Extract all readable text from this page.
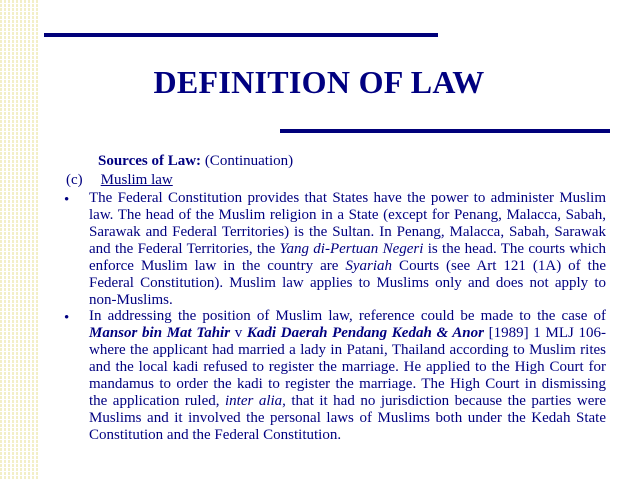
DEFINITION OF LAW
Sources of Law: (Continuation)
(c) Muslim law
• The Federal Constitution provides that States have the power to administer Muslim law. The head of the Muslim religion in a State (except for Penang, Malacca, Sabah, Sarawak and Federal Territories) is the Sultan. In Penang, Malacca, Sabah, Sarawak and the Federal Territories, the Yang di-Pertuan Negeri is the head. The courts which enforce Muslim law in the country are Syariah Courts (see Art 121 (1A) of the Federal Constitution). Muslim law applies to Muslims only and does not apply to non-Muslims.
• In addressing the position of Muslim law, reference could be made to the case of Mansor bin Mat Tahir v Kadi Daerah Pendang Kedah & Anor [1989] 1 MLJ 106- where the applicant had married a lady in Patani, Thailand according to Muslim rites and the local kadi refused to register the marriage. He applied to the High Court for mandamus to order the kadi to register the marriage. The High Court in dismissing the application ruled, inter alia, that it had no jurisdiction because the parties were Muslims and it involved the personal laws of Muslims both under the Kedah State Constitution and the Federal Constitution.
